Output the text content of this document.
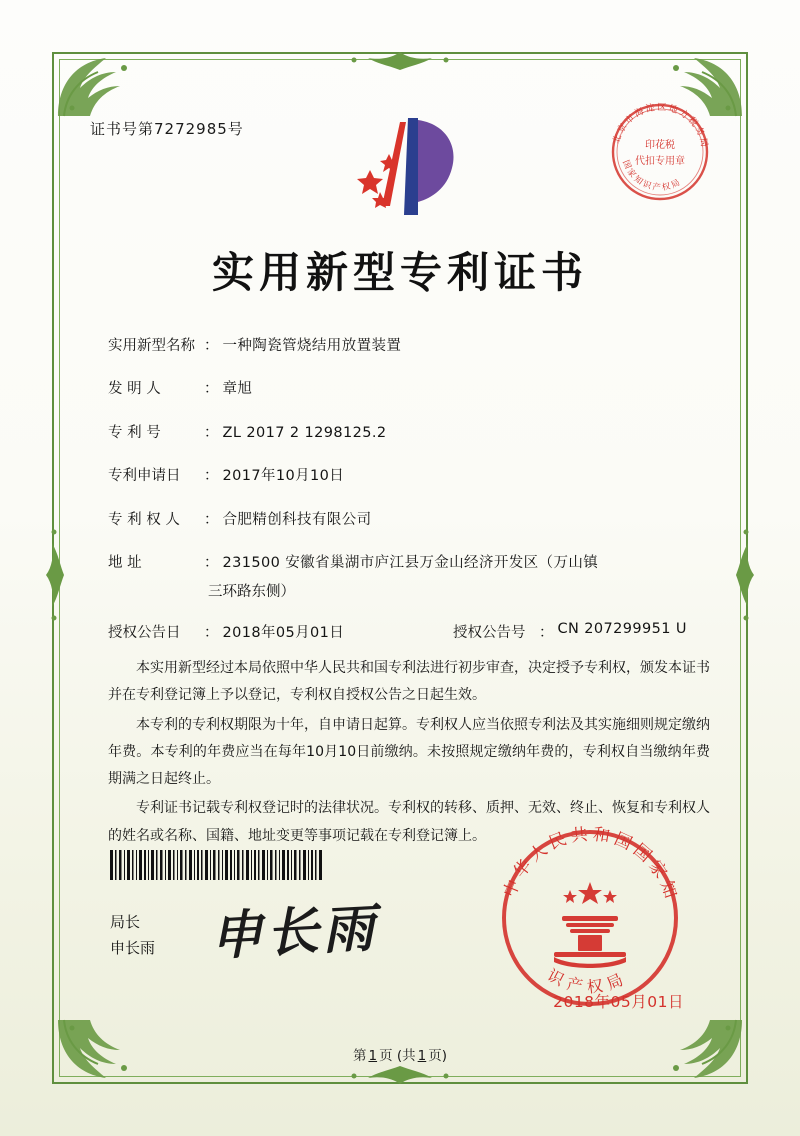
证书号第7272985号
北京市海淀区地方税务局
国家知识产权局
印花税
代扣专用章
实用新型专利证书
实用新型名称 ： 一种陶瓷管烧结用放置装置
发 明 人	： 章旭
专 利 号	： ZL 2017 2 1298125.2
专利申请日	： 2017年10月10日
专 利 权 人	： 合肥精创科技有限公司
地 址	： 231500 安徽省巢湖市庐江县万金山经济开发区（万山镇
三环路东侧）
授权公告日	： 2018年05月01日	授权公告号 ： CN 207299951 U

本实用新型经过本局依照中华人民共和国专利法进行初步审查，决定授予专利权，颁发本证书并在专利登记簿上予以登记，专利权自授权公告之日起生效。

本专利的专利权期限为十年，自申请日起算。专利权人应当依照专利法及其实施细则规定缴纳年费。本专利的年费应当在每年10月10日前缴纳。未按照规定缴纳年费的，专利权自当缴纳年费期满之日起终止。

专利证书记载专利权登记时的法律状况。专利权的转移、质押、无效、终止、恢复和专利权人的姓名或名称、国籍、地址变更等事项记载在专利登记簿上。

局长
申长雨 申长雨
中华人民共和国国家知
识产权局
2018年05月01日
第 1 页 (共 1 页)
